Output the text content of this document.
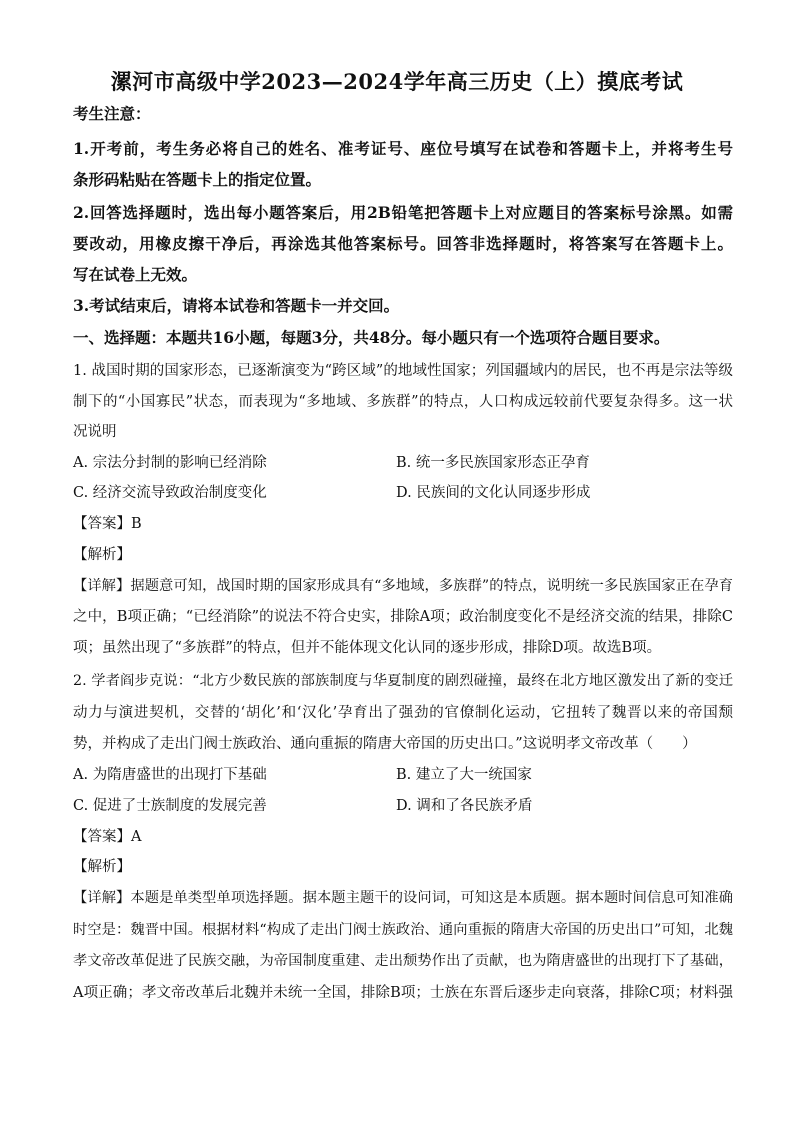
漯河市高级中学2023—2024学年高三历史（上）摸底考试
考生注意：
1.开考前，考生务必将自己的姓名、准考证号、座位号填写在试卷和答题卡上，并将考生号
条形码粘贴在答题卡上的指定位置。
2.回答选择题时，选出每小题答案后，用2B铅笔把答题卡上对应题目的答案标号涂黑。如需
要改动，用橡皮擦干净后，再涂选其他答案标号。回答非选择题时，将答案写在答题卡上。
写在试卷上无效。
3.考试结束后，请将本试卷和答题卡一并交回。
一、选择题：本题共16小题，每题3分，共48分。每小题只有一个选项符合题目要求。
1. 战国时期的国家形态，已逐渐演变为“跨区域”的地域性国家；列国疆域内的居民，也不再是宗法等级
制下的“小国寡民”状态，而表现为“多地域、多族群”的特点，人口构成远较前代要复杂得多。这一状
况说明
A. 宗法分封制的影响已经消除	B. 统一多民族国家形态正孕育
C. 经济交流导致政治制度变化	D. 民族间的文化认同逐步形成
【答案】B
【解析】
【详解】据题意可知，战国时期的国家形成具有“多地域，多族群”的特点，说明统一多民族国家正在孕育
之中，B项正确；“已经消除”的说法不符合史实，排除A项；政治制度变化不是经济交流的结果，排除C
项；虽然出现了“多族群”的特点，但并不能体现文化认同的逐步形成，排除D项。故选B项。
2. 学者阎步克说：“北方少数民族的部族制度与华夏制度的剧烈碰撞，最终在北方地区激发出了新的变迁
动力与演进契机，交替的‘胡化’和‘汉化’孕育出了强劲的官僚制化运动，它扭转了魏晋以来的帝国颓
势，并构成了走出门阀士族政治、通向重振的隋唐大帝国的历史出口。”这说明孝文帝改革（　　）
A. 为隋唐盛世的出现打下基础	B. 建立了大一统国家
C. 促进了士族制度的发展完善	D. 调和了各民族矛盾
【答案】A
【解析】
【详解】本题是单类型单项选择题。据本题主题干的设问词，可知这是本质题。据本题时间信息可知准确
时空是：魏晋中国。根据材料“构成了走出门阀士族政治、通向重振的隋唐大帝国的历史出口”可知，北魏
孝文帝改革促进了民族交融，为帝国制度重建、走出颓势作出了贡献，也为隋唐盛世的出现打下了基础，
A项正确；孝文帝改革后北魏并未统一全国，排除B项；士族在东晋后逐步走向衰落，排除C项；材料强
